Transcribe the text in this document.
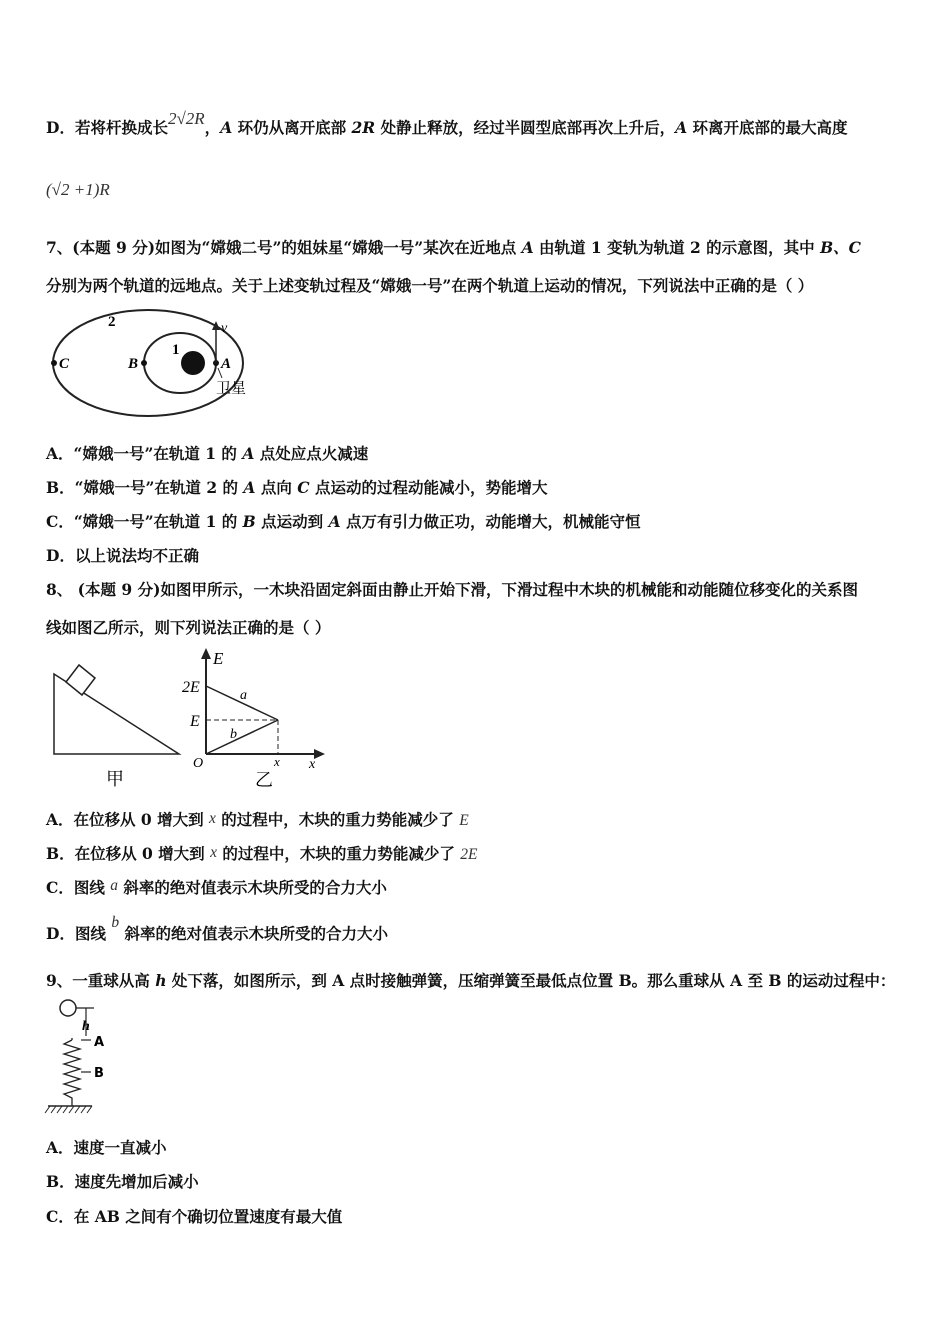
D．若将杆换成长2√2R，A 环仍从离开底部 2R 处静止释放，经过半圆型底部再次上升后，A 环离开底部的最大高度
(√2 +1)R
7、(本题 9 分)如图为“嫦娥二号”的姐妹星“嫦娥一号”某次在近地点 A 由轨道 1 变轨为轨道 2 的示意图，其中 B、C
分别为两个轨道的远地点。关于上述变轨过程及“嫦娥一号”在两个轨道上运动的情况，下列说法中正确的是（ ）
2
1
C	B	A
v
卫星
A．“嫦娥一号”在轨道 1 的 A 点处应点火减速
B．“嫦娥一号”在轨道 2 的 A 点向 C 点运动的过程动能减小，势能增大
C．“嫦娥一号”在轨道 1 的 B 点运动到 A 点万有引力做正功，动能增大，机械能守恒
D．以上说法均不正确
8、 (本题 9 分)如图甲所示，一木块沿固定斜面由静止开始下滑，下滑过程中木块的机械能和动能随位移变化的关系图
线如图乙所示，则下列说法正确的是（ ）
甲
E
2E
E
a
b
O	x x
乙
A．在位移从 0 增大到 x 的过程中，木块的重力势能减少了 E
B．在位移从 0 增大到 x 的过程中，木块的重力势能减少了 2E
C．图线 a 斜率的绝对值表示木块所受的合力大小
D．图线 b 斜率的绝对值表示木块所受的合力大小
9、一重球从高 h 处下落，如图所示，到 A 点时接触弹簧，压缩弹簧至最低点位置 B。那么重球从 A 至 B 的运动过程中：
h
A
B
A．速度一直减小
B．速度先增加后减小
C．在 AB 之间有个确切位置速度有最大值
